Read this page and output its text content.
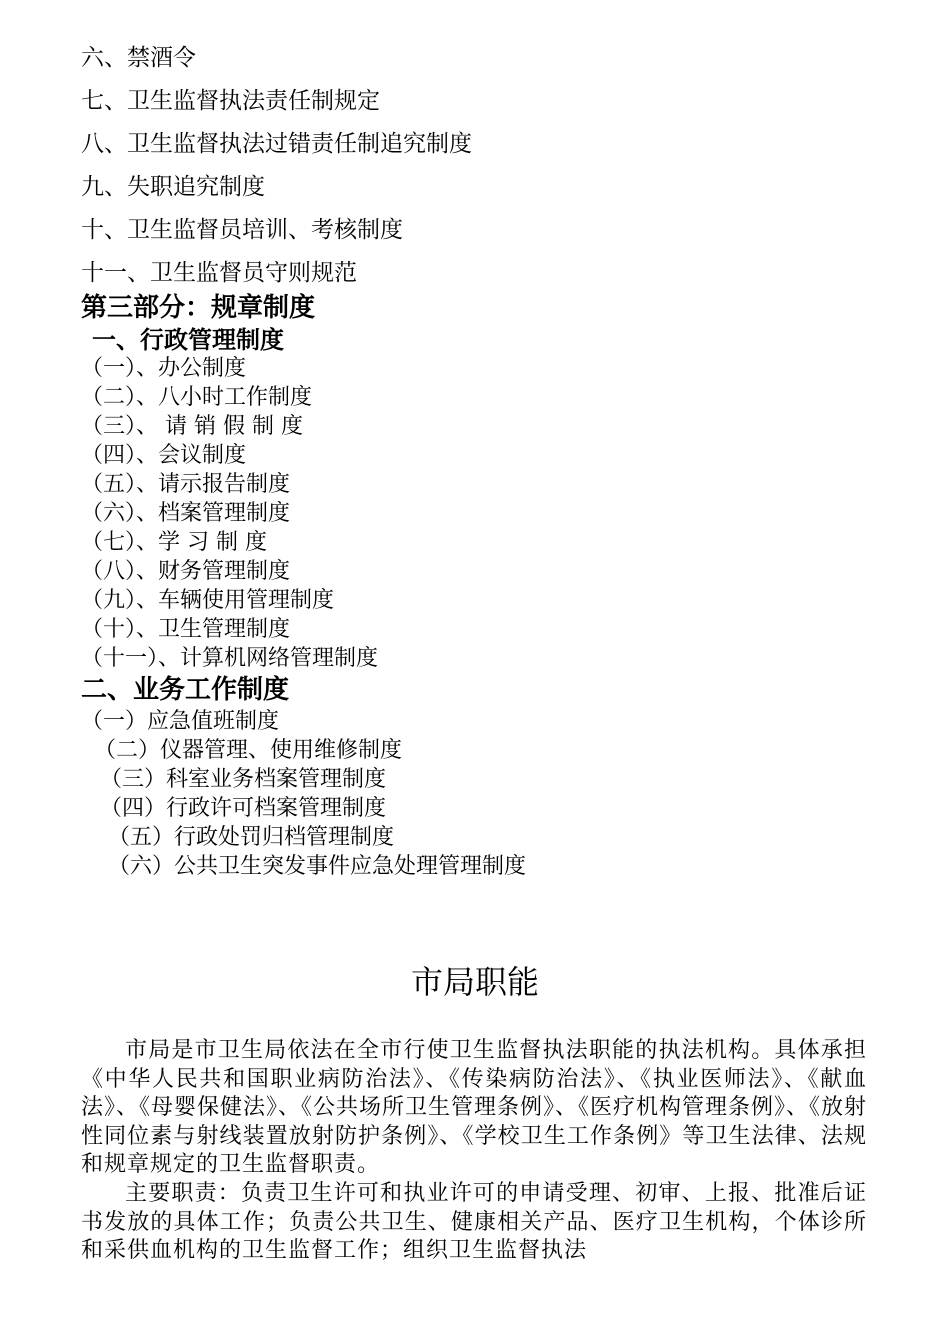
六、禁酒令
七、卫生监督执法责任制规定
八、卫生监督执法过错责任制追究制度
九、失职追究制度
十、卫生监督员培训、考核制度
十一、卫生监督员守则规范
第三部分：规章制度
一、行政管理制度
（一）、办公制度
（二）、八小时工作制度
（三）、 请 销 假 制 度
（四）、会议制度
（五）、请示报告制度
（六）、档案管理制度
（七）、学 习 制 度
（八）、财务管理制度
（九）、车辆使用管理制度
（十）、卫生管理制度
（十一）、计算机网络管理制度
二、业务工作制度
（一）应急值班制度
（二）仪器管理、使用维修制度
（三）科室业务档案管理制度
（四）行政许可档案管理制度
（五）行政处罚归档管理制度
（六）公共卫生突发事件应急处理管理制度
市局职能

市局是市卫生局依法在全市行使卫生监督执法职能的执法机构。具体承担《中华人民共和国职业病防治法》、《传染病防治法》、《执业医师法》、《献血法》、《母婴保健法》、《公共场所卫生管理条例》、《医疗机构管理条例》、《放射性同位素与射线装置放射防护条例》、《学校卫生工作条例》等卫生法律、法规和规章规定的卫生监督职责。

主要职责：负责卫生许可和执业许可的申请受理、初审、上报、批准后证书发放的具体工作；负责公共卫生、健康相关产品、医疗卫生机构，个体诊所和采供血机构的卫生监督工作；组织卫生监督执法
